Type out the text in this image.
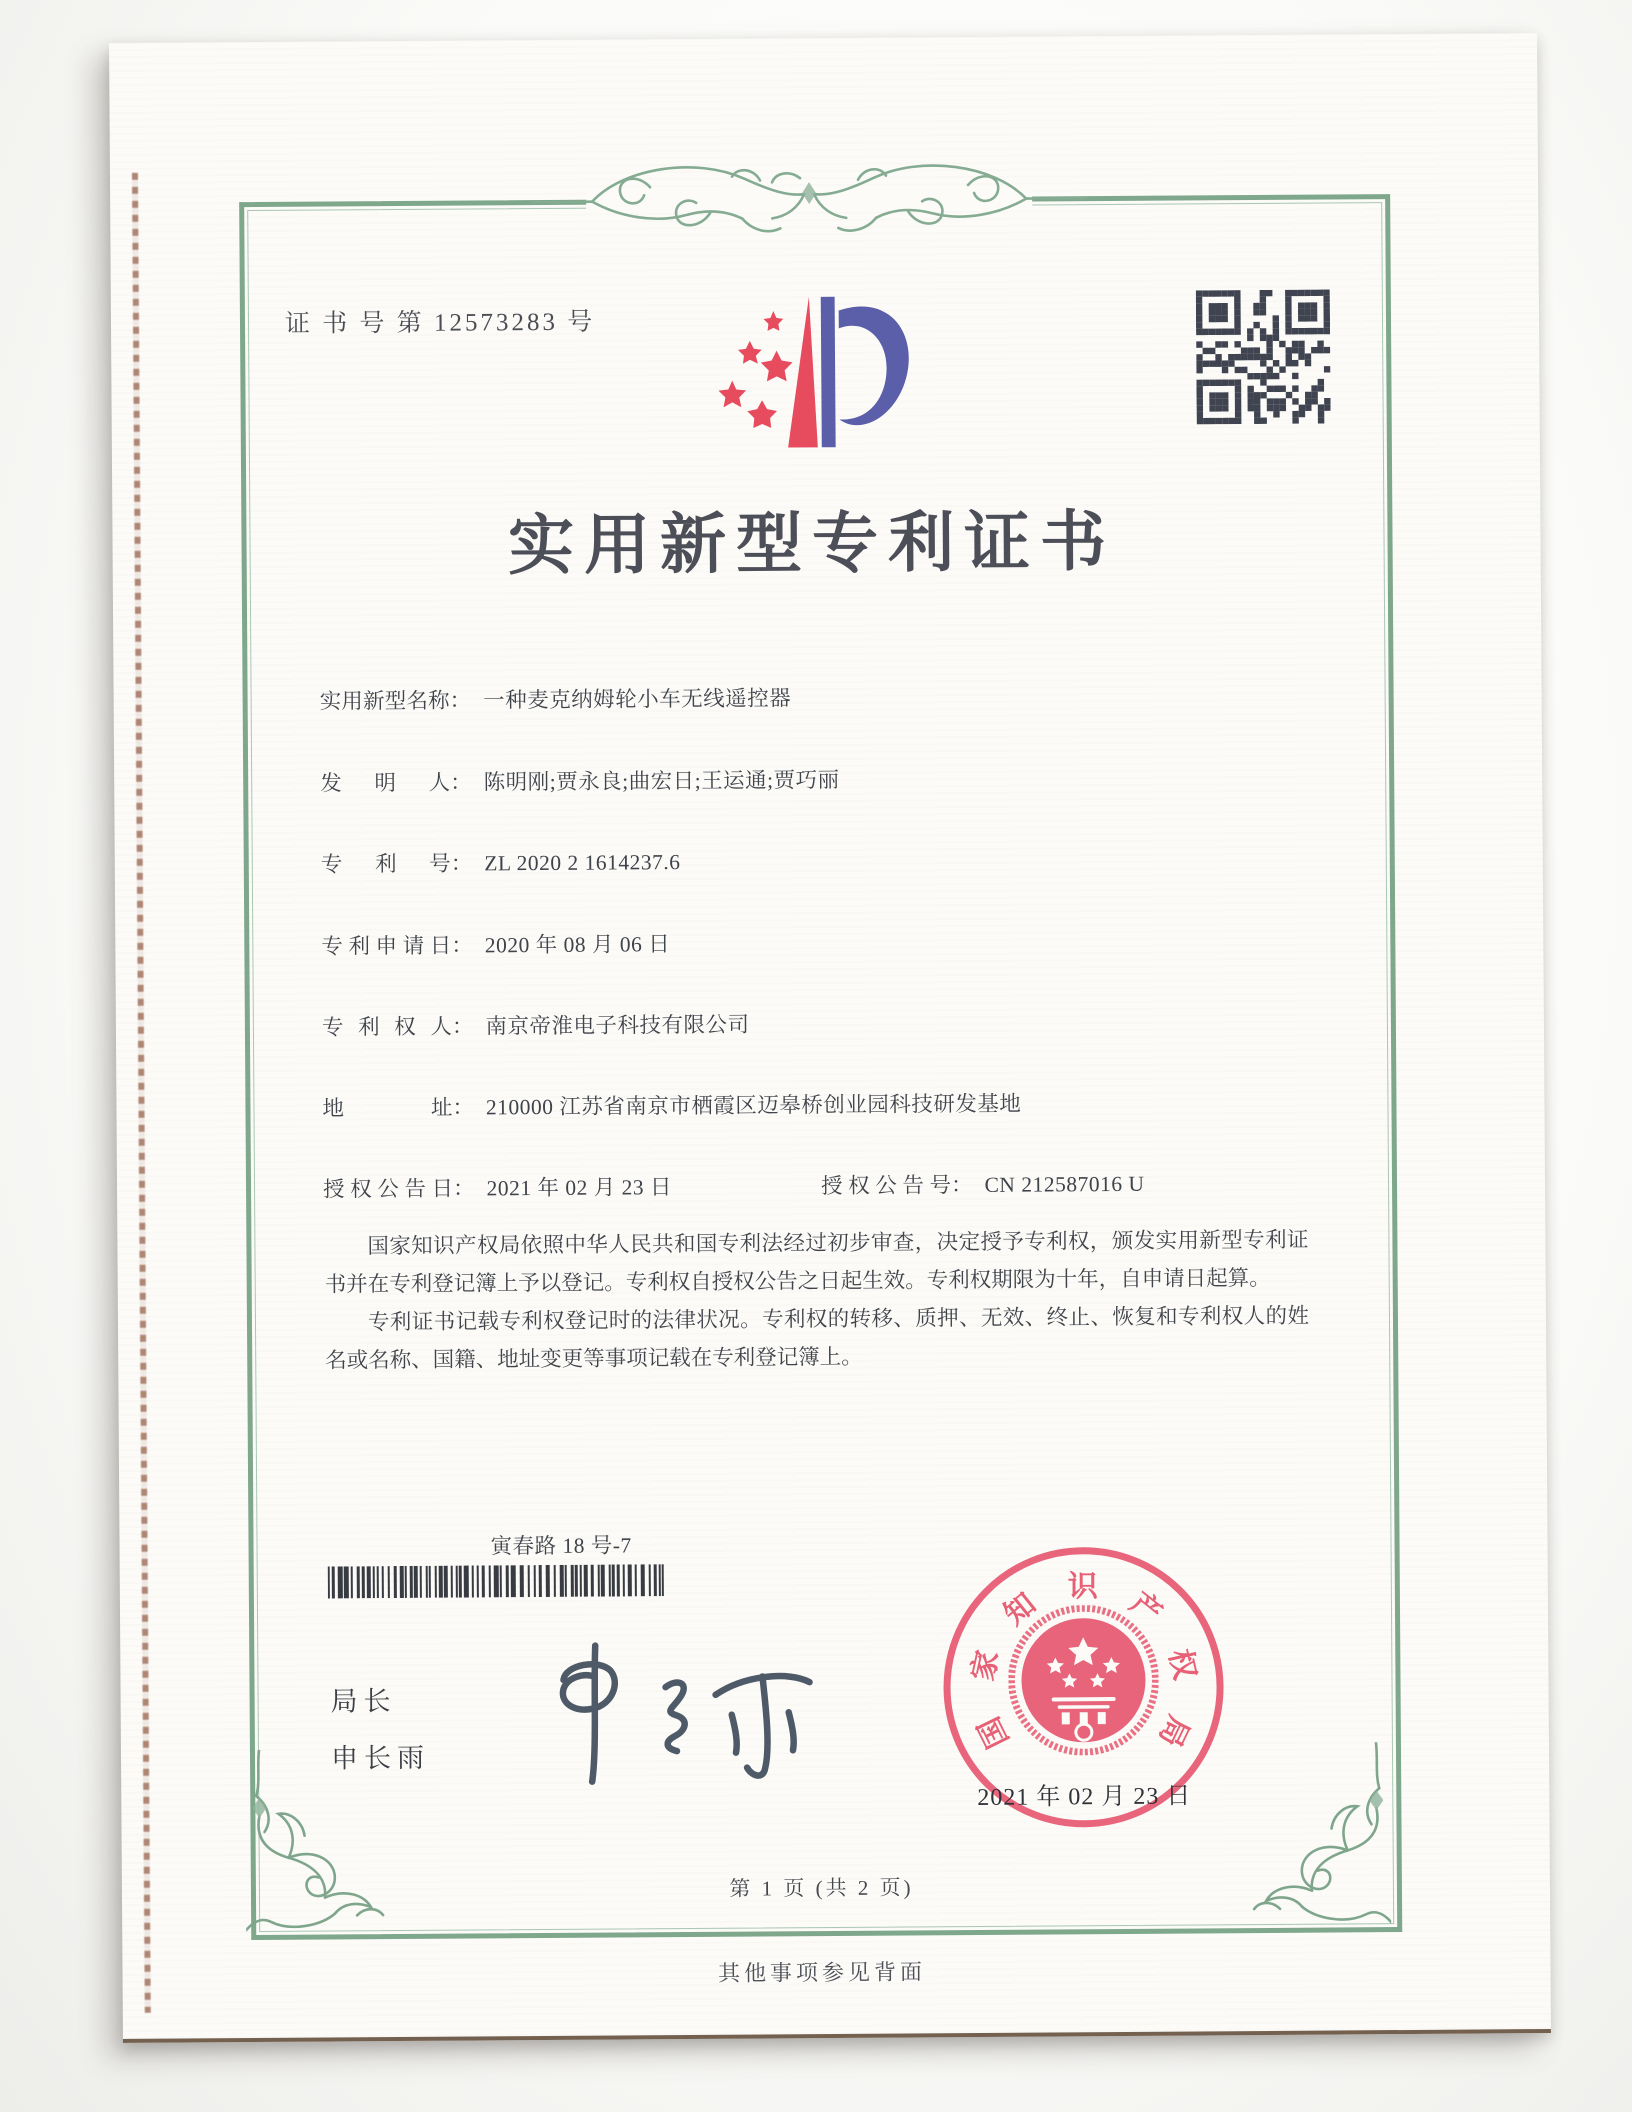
证 书 号 第 12573283 号
实用新型专利证书
实用新型名称： 一种麦克纳姆轮小车无线遥控器
发明人： 陈明刚;贾永良;曲宏日;王运通;贾巧丽
专利号： ZL 2020 2 1614237.6
专利申请日： 2020 年 08 月 06 日
专利权人： 南京帝淮电子科技有限公司
地址： 210000 江苏省南京市栖霞区迈皋桥创业园科技研发基地
寅春路 18 号-7
授权公告日： 2021 年 02 月 23 日	授权公告号： CN 212587016 U

国家知识产权局依照中华人民共和国专利法经过初步审查，决定授予专利权，颁发实用新型专利证书并在专利登记簿上予以登记。专利权自授权公告之日起生效。专利权期限为十年，自申请日起算。

专利证书记载专利权登记时的法律状况。专利权的转移、质押、无效、终止、恢复和专利权人的姓名或名称、国籍、地址变更等事项记载在专利登记簿上。

局长
申长雨
国
家
知
识 产
权
局
2021 年 02 月 23 日
第 1 页 (共 2 页)
其他事项参见背面
